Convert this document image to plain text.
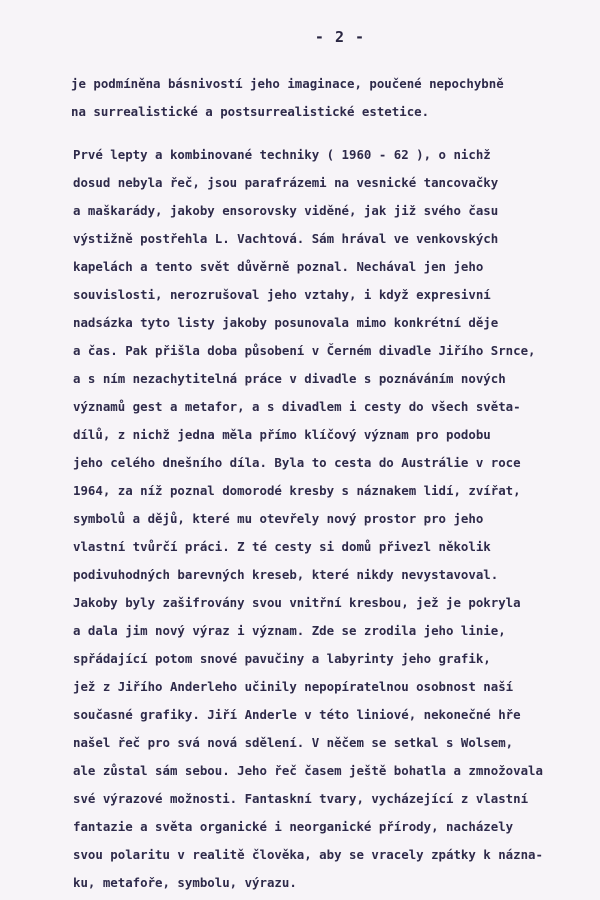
- 2 -

je podmíněna básnivostí jeho imaginace, poučené nepochybně

na surrealistické a postsurrealistické estetice.

Prvé lepty a kombinované techniky ( 1960 - 62 ), o nichž

dosud nebyla řeč, jsou parafrázemi na vesnické tancovačky

a maškarády, jakoby ensorovsky viděné, jak již svého času

výstižně postřehla L. Vachtová. Sám hrával ve venkovských

kapelách a tento svět důvěrně poznal. Nechával jen jeho

souvislosti, nerozrušoval jeho vztahy, i když expresivní

nadsázka tyto listy jakoby posunovala mimo konkrétní děje

a čas. Pak přišla doba působení v Černém divadle Jiřího Srnce,

a s ním nezachytitelná práce v divadle s poznáváním nových

významů gest a metafor, a s divadlem i cesty do všech světa-

dílů, z nichž jedna měla přímo klíčový význam pro podobu

jeho celého dnešního díla. Byla to cesta do Austrálie v roce

1964, za níž poznal domorodé kresby s náznakem lidí, zvířat,

symbolů a dějů, které mu otevřely nový prostor pro jeho

vlastní tvůrčí práci. Z té cesty si domů přivezl několik

podivuhodných barevných kreseb, které nikdy nevystavoval.

Jakoby byly zašifrovány svou vnitřní kresbou, jež je pokryla

a dala jim nový výraz i význam. Zde se zrodila jeho linie,

spřádající potom snové pavučiny a labyrinty jeho grafik,

jež z Jiřího Anderleho učinily nepopíratelnou osobnost naší

současné grafiky. Jiří Anderle v této liniové, nekonečné hře

našel řeč pro svá nová sdělení. V něčem se setkal s Wolsem,

ale zůstal sám sebou. Jeho řeč časem ještě bohatla a zmnožovala

své výrazové možnosti. Fantaskní tvary, vycházející z vlastní

fantazie a světa organické i neorganické přírody, nacházely

svou polaritu v realitě člověka, aby se vracely zpátky k názna-

ku, metafoře, symbolu, výrazu.
